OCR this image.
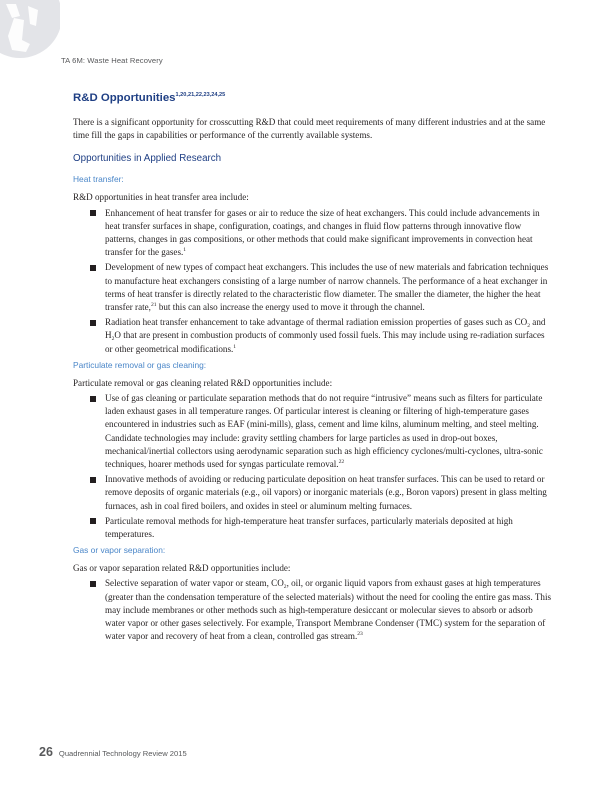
TA 6M: Waste Heat Recovery
R&D Opportunities$^{1,20,21,22,23,24,25}$

There is a significant opportunity for crosscutting R&D that could meet requirements of many different industries and at the same time fill the gaps in capabilities or performance of the currently available systems.

Opportunities in Applied Research
Heat transfer:

R&D opportunities in heat transfer area include:

Enhancement of heat transfer for gases or air to reduce the size of heat exchangers. This could include advancements in heat transfer surfaces in shape, configuration, coatings, and changes in fluid flow patterns through innovative flow patterns, changes in gas compositions, or other methods that could make significant improvements in convection heat transfer for the gases.$^1$
Development of new types of compact heat exchangers. This includes the use of new materials and fabrication techniques to manufacture heat exchangers consisting of a large number of narrow channels. The performance of a heat exchanger in terms of heat transfer is directly related to the characteristic flow diameter. The smaller the diameter, the higher the heat transfer rate,$^{21}$ but this can also increase the energy used to move it through the channel.
Radiation heat transfer enhancement to take advantage of thermal radiation emission properties of gases such as $CO_2$ and $H_2O$ that are present in combustion products of commonly used fossil fuels. This may include using re-radiation surfaces or other geometrical modifications.$^1$
Particulate removal or gas cleaning:

Particulate removal or gas cleaning related R&D opportunities include:

Use of gas cleaning or particulate separation methods that do not require “intrusive” means such as filters for particulate laden exhaust gases in all temperature ranges. Of particular interest is cleaning or filtering of high-temperature gases encountered in industries such as EAF (mini-mills), glass, cement and lime kilns, aluminum melting, and steel melting. Candidate technologies may include: gravity settling chambers for large particles as used in drop-out boxes, mechanical/inertial collectors using aerodynamic separation such as high efficiency cyclones/multi-cyclones, ultra-sonic techniques, hoarer methods used for syngas particulate removal.$^{22}$
Innovative methods of avoiding or reducing particulate deposition on heat transfer surfaces. This can be used to retard or remove deposits of organic materials (e.g., oil vapors) or inorganic materials (e.g., Boron vapors) present in glass melting furnaces, ash in coal fired boilers, and oxides in steel or aluminum melting furnaces.
Particulate removal methods for high-temperature heat transfer surfaces, particularly materials deposited at high temperatures.
Gas or vapor separation:

Gas or vapor separation related R&D opportunities include:

Selective separation of water vapor or steam, $CO_2$, oil, or organic liquid vapors from exhaust gases at high temperatures (greater than the condensation temperature of the selected materials) without the need for cooling the entire gas mass. This may include membranes or other methods such as high-temperature desiccant or molecular sieves to absorb or adsorb water vapor or other gases selectively. For example, Transport Membrane Condenser (TMC) system for the separation of water vapor and recovery of heat from a clean, controlled gas stream.$^{23}$
26 Quadrennial Technology Review 2015
